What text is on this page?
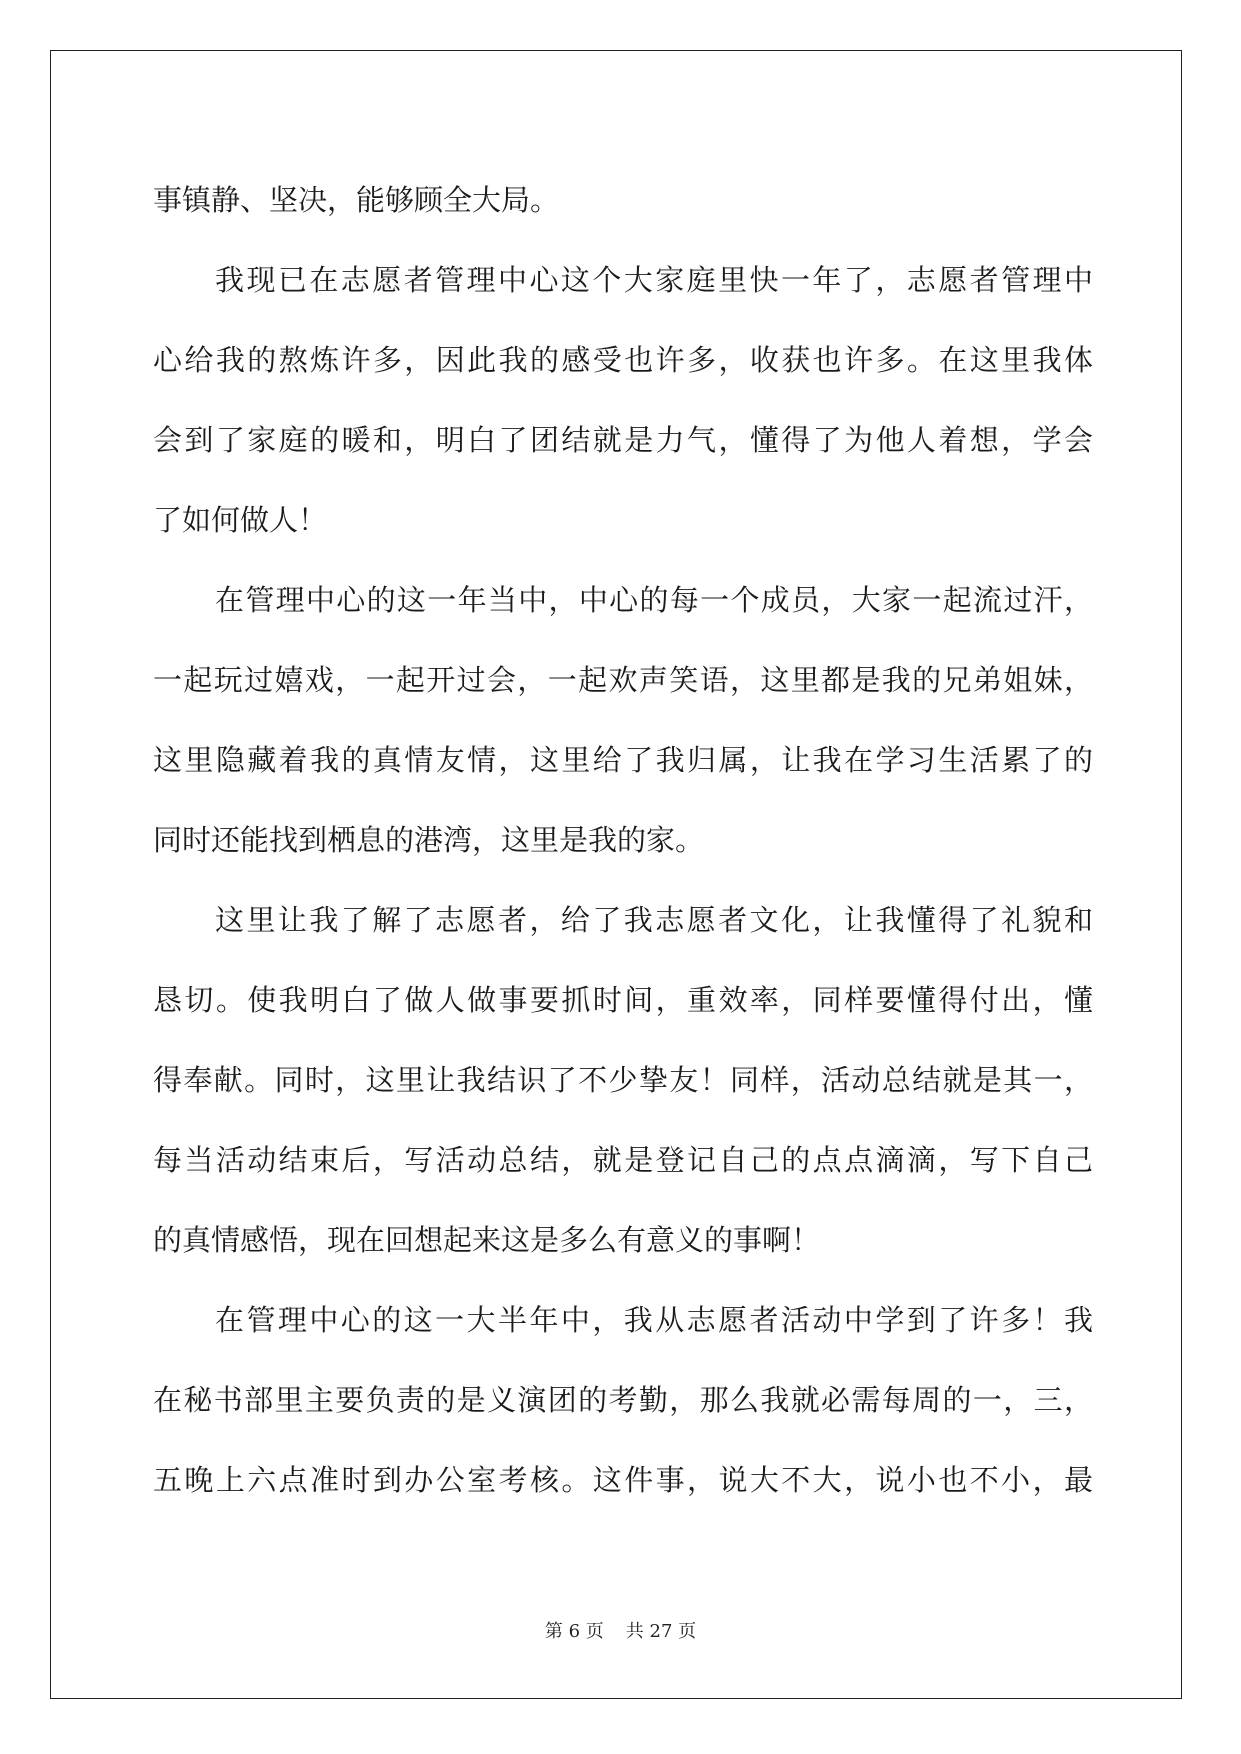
事镇静、坚决，能够顾全大局。
我现已在志愿者管理中心这个大家庭里快一年了，志愿者管理中
心给我的熬炼许多，因此我的感受也许多，收获也许多。在这里我体
会到了家庭的暖和，明白了团结就是力气，懂得了为他人着想，学会
了如何做人！
在管理中心的这一年当中，中心的每一个成员，大家一起流过汗，
一起玩过嬉戏，一起开过会，一起欢声笑语，这里都是我的兄弟姐妹，
这里隐藏着我的真情友情，这里给了我归属，让我在学习生活累了的
同时还能找到栖息的港湾，这里是我的家。
这里让我了解了志愿者，给了我志愿者文化，让我懂得了礼貌和
恳切。使我明白了做人做事要抓时间，重效率，同样要懂得付出，懂
得奉献。同时，这里让我结识了不少挚友！同样，活动总结就是其一，
每当活动结束后，写活动总结，就是登记自己的点点滴滴，写下自己
的真情感悟，现在回想起来这是多么有意义的事啊！
在管理中心的这一大半年中，我从志愿者活动中学到了许多！我
在秘书部里主要负责的是义演团的考勤，那么我就必需每周的一，三，
五晚上六点准时到办公室考核。这件事，说大不大，说小也不小，最
第 6 页 共 27 页
